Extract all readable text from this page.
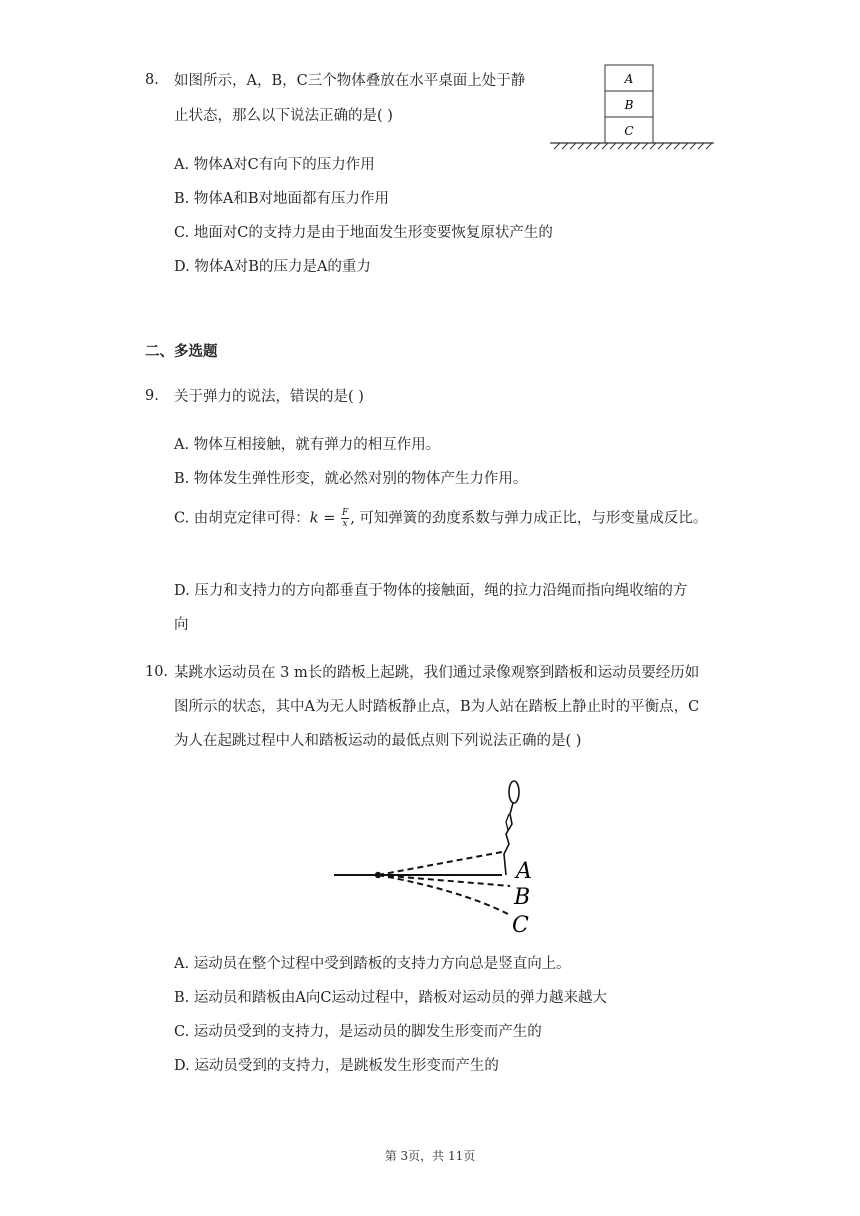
8. 如图所示，A，B，C三个物体叠放在水平桌面上处于静
止状态，那么以下说法正确的是( )
A
B
C
A. 物体A对C有向下的压力作用
B. 物体A和B对地面都有压力作用
C. 地面对C的支持力是由于地面发生形变要恢复原状产生的
D. 物体A对B的压力是A的重力
二、多选题
9. 关于弹力的说法，错误的是( )
A. 物体互相接触，就有弹力的相互作用。
B. 物体发生弹性形变，就必然对别的物体产生力作用。
C. 由胡克定律可得：$k = \frac{F}{x}$ , 可知弹簧的劲度系数与弹力成正比，与形变量成反比。
D. 压力和支持力的方向都垂直于物体的接触面，绳的拉力沿绳而指向绳收缩的方
向
10. 某跳水运动员在 3 m长的踏板上起跳，我们通过录像观察到踏板和运动员要经历如
图所示的状态，其中A为无人时踏板静止点，B为人站在踏板上静止时的平衡点，C
为人在起跳过程中人和踏板运动的最低点则下列说法正确的是( )
A
B
C
A. 运动员在整个过程中受到踏板的支持力方向总是竖直向上。
B. 运动员和踏板由A向C运动过程中，踏板对运动员的弹力越来越大
C. 运动员受到的支持力，是运动员的脚发生形变而产生的
D. 运动员受到的支持力，是跳板发生形变而产生的
第 3页，共 11页
